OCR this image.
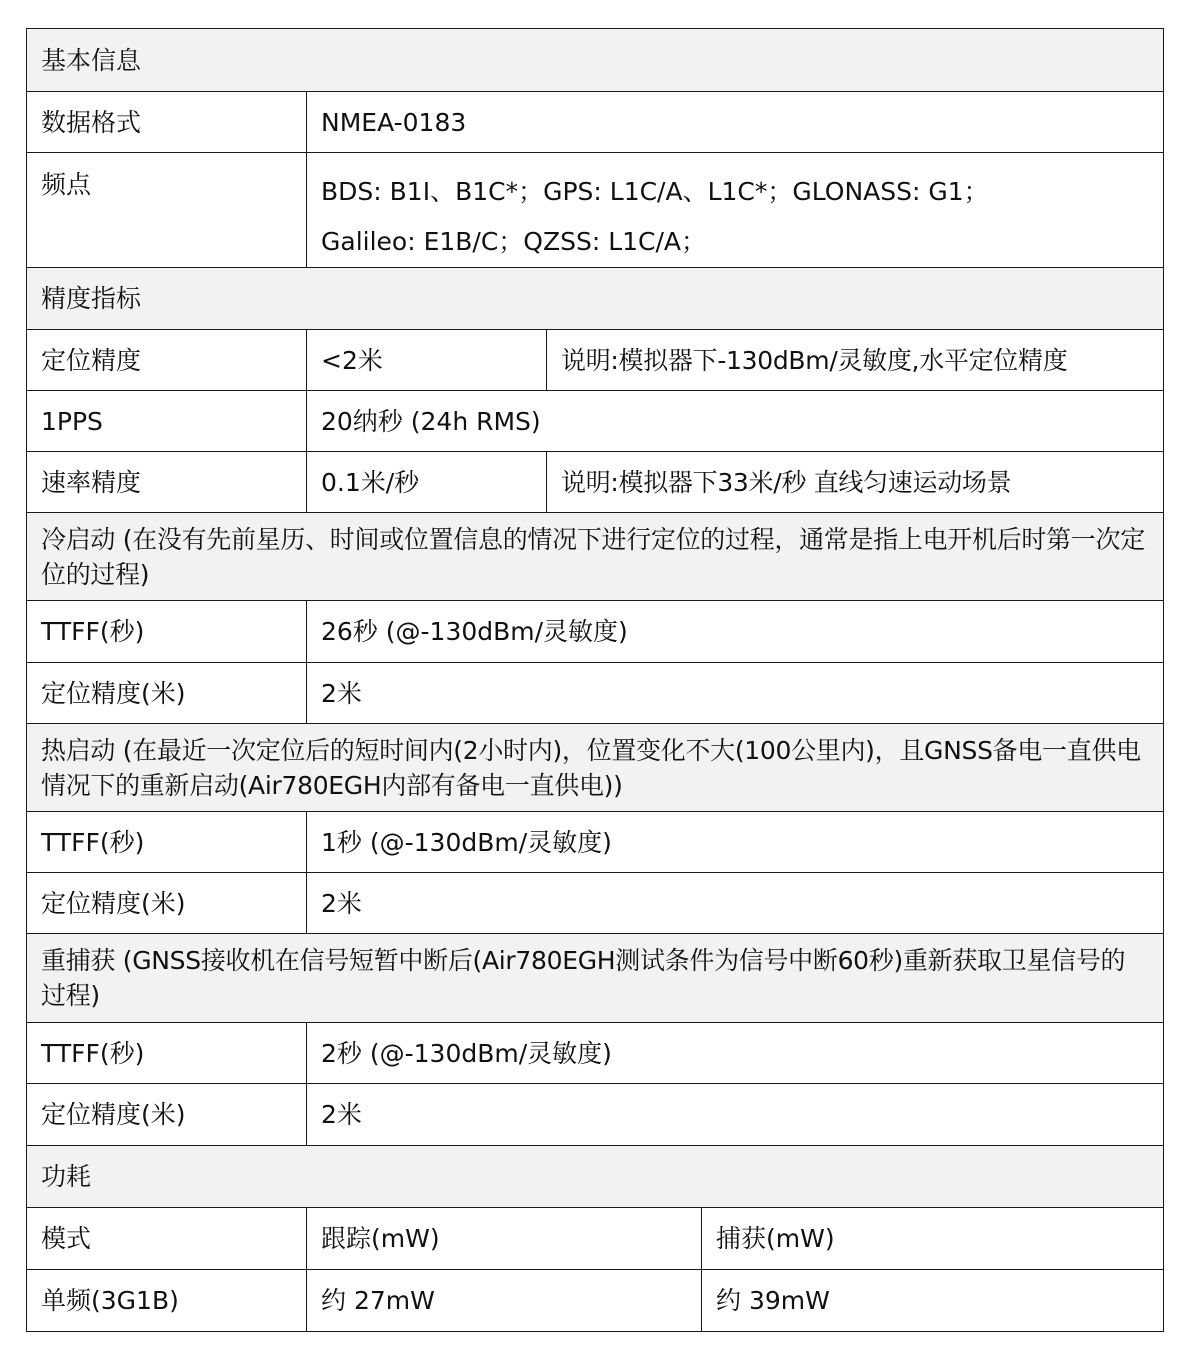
基本信息			
数据格式	NMEA-0183		
频点	BDS: B1I、B1C*；GPS: L1C/A、L1C*；GLONASS: G1；
Galileo: E1B/C；QZSS: L1C/A；		

精度指标			
定位精度	<2米	说明:模拟器下-130dBm/灵敏度,水平定位精度	
1PPS	20纳秒 (24h RMS)		
速率精度	0.1米/秒	说明:模拟器下33米/秒 直线匀速运动场景	
冷启动 (在没有先前星历、时间或位置信息的情况下进行定位的过程，通常是指上电开机后时第一次定位的过程)			
TTFF(秒)	26秒 (@-130dBm/灵敏度)		
定位精度(米)	2米		
热启动 (在最近一次定位后的短时间内(2小时内)，位置变化不大(100公里内)，且GNSS备电一直供电情况下的重新启动(Air780EGH内部有备电一直供电))			
TTFF(秒)	1秒 (@-130dBm/灵敏度)		
定位精度(米)	2米		
重捕获 (GNSS接收机在信号短暂中断后(Air780EGH测试条件为信号中断60秒)重新获取卫星信号的过程)			
TTFF(秒)	2秒 (@-130dBm/灵敏度)		
定位精度(米)	2米		
功耗			
模式	跟踪(mW)		捕获(mW)
单频(3G1B)	约 27mW		约 39mW
